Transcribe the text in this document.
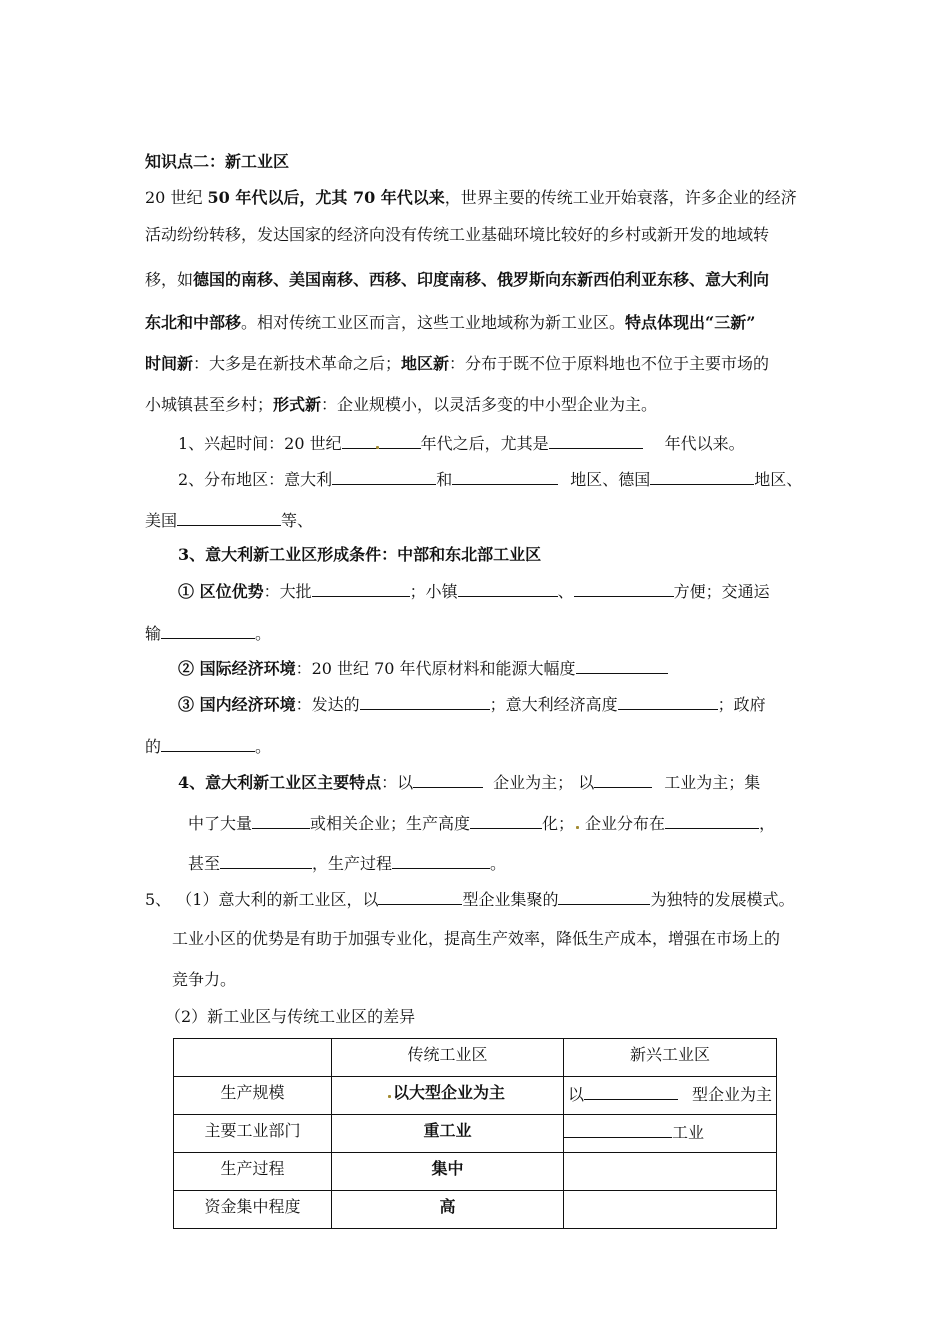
知识点二：新工业区
20 世纪 50 年代以后，尤其 70 年代以来，世界主要的传统工业开始衰落，许多企业的经济
活动纷纷转移，发达国家的经济向没有传统工业基础环境比较好的乡村或新开发的地域转
移，如德国的南移、美国南移、西移、印度南移、俄罗斯向东新西伯利亚东移、意大利向
东北和中部移。相对传统工业区而言，这些工业地域称为新工业区。特点体现出“三新”
时间新：大多是在新技术革命之后；地区新：分布于既不位于原料地也不位于主要市场的
小城镇甚至乡村；形式新：企业规模小，以灵活多变的中小型企业为主。
1、兴起时间：20 世纪	年代之后，尤其是	年代以来。
2、分布地区：意大利	和	地区、德国	地区、
美国	等、
3、意大利新工业区形成条件：中部和东北部工业区
① 区位优势：大批	；小镇	、	方便；交通运
输	。
② 国际经济环境：20 世纪 70 年代原材料和能源大幅度
③ 国内经济环境：发达的	；意大利经济高度	；政府
的	。
4、意大利新工业区主要特点：以	企业为主； 以	工业为主；集
中了大量	或相关企业；生产高度	化； 企业分布在	，
甚至	，生产过程	。
5、 （1）意大利的新工业区，以	型企业集聚的	为独特的发展模式。
工业小区的优势是有助于加强专业化，提高生产效率，降低生产成本，增强在市场上的
竞争力。
（2）新工业区与传统工业区的差异

	传统工业区	新兴工业区

生产规模	以大型企业为主	以 型企业为主

主要工业部门	重工业	工业

生产过程	集中	

资金集中程度	高	
